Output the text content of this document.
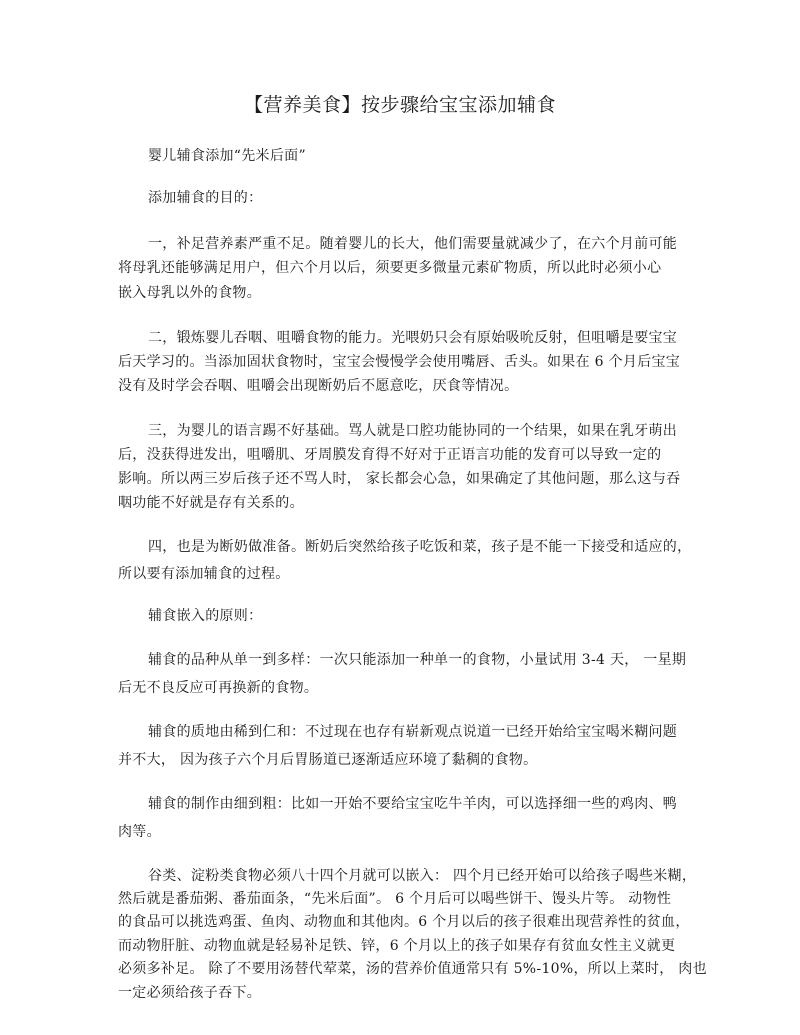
【营养美食】按步骤给宝宝添加辅食
婴儿辅食添加“先米后面”
添加辅食的目的：
一，补足营养素严重不足。随着婴儿的长大，他们需要量就减少了，在六个月前可能
将母乳还能够满足用户，但六个月以后，须要更多微量元素矿物质，所以此时必须小心
嵌入母乳以外的食物。
二，锻炼婴儿吞咽、咀嚼食物的能力。光喂奶只会有原始吸吮反射，但咀嚼是要宝宝
后天学习的。当添加固状食物时，宝宝会慢慢学会使用嘴唇、舌头。如果在 6 个月后宝宝
没有及时学会吞咽、咀嚼会出现断奶后不愿意吃，厌食等情况。
三，为婴儿的语言踢不好基础。骂人就是口腔功能协同的一个结果，如果在乳牙萌出
后，没获得进发出，咀嚼肌、牙周膜发育得不好对于正语言功能的发育可以导致一定的
影响。所以两三岁后孩子还不骂人时， 家长都会心急，如果确定了其他问题，那么这与吞
咽功能不好就是存有关系的。
四，也是为断奶做准备。断奶后突然给孩子吃饭和菜，孩子是不能一下接受和适应的，
所以要有添加辅食的过程。
辅食嵌入的原则：
辅食的品种从单一到多样：一次只能添加一种单一的食物，小量试用 3-4 天， 一星期
后无不良反应可再换新的食物。
辅食的质地由稀到仁和：不过现在也存有崭新观点说道一已经开始给宝宝喝米糊问题
并不大， 因为孩子六个月后胃肠道已逐渐适应环境了黏稠的食物。
辅食的制作由细到粗：比如一开始不要给宝宝吃牛羊肉，可以选择细一些的鸡肉、鸭
肉等。
谷类、淀粉类食物必须八十四个月就可以嵌入： 四个月已经开始可以给孩子喝些米糊，
然后就是番茄粥、番茄面条，“先米后面”。 6 个月后可以喝些饼干、馒头片等。 动物性
的食品可以挑选鸡蛋、鱼肉、动物血和其他肉。6 个月以后的孩子很难出现营养性的贫血，
而动物肝脏、动物血就是轻易补足铁、锌，6 个月以上的孩子如果存有贫血女性主义就更
必须多补足。 除了不要用汤替代荤菜，汤的营养价值通常只有 5%-10%，所以上菜时， 肉也
一定必须给孩子吞下。
